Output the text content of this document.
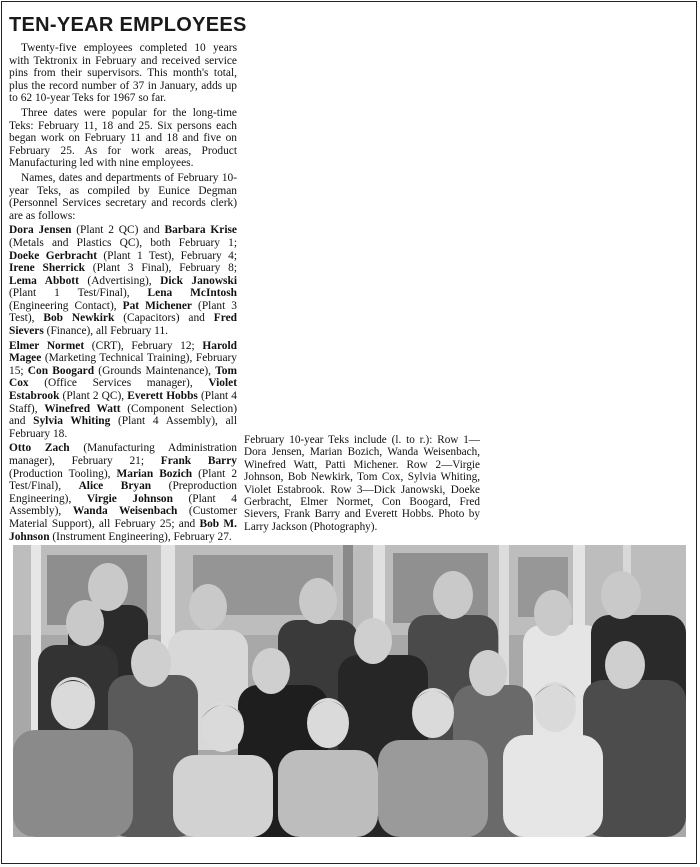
TEN-YEAR EMPLOYEES

Twenty-five employees completed 10 years with Tektronix in February and received service pins from their supervisors. This month's total, plus the record number of 37 in January, adds up to 62 10-year Teks for 1967 so far.

Three dates were popular for the long-time Teks: February 11, 18 and 25. Six persons each began work on February 11 and 18 and five on February 25. As for work areas, Product Manufacturing led with nine employees.

Names, dates and departments of February 10-year Teks, as compiled by Eunice Degman (Personnel Services secretary and records clerk) are as follows:

Dora Jensen (Plant 2 QC) and Barbara Krise (Metals and Plastics QC), both February 1; Doeke Gerbracht (Plant 1 Test), February 4; Irene Sherrick (Plant 3 Final), February 8; Lema Abbott (Advertising), Dick Janowski (Plant 1 Test/Final), Lena McIntosh (Engineering Contact), Pat Michener (Plant 3 Test), Bob Newkirk (Capacitors) and Fred Sievers (Finance), all February 11.

Elmer Normet (CRT), February 12; Harold Magee (Marketing Technical Training), February 15; Con Boogard (Grounds Maintenance), Tom Cox (Office Services manager), Violet Estabrook (Plant 2 QC), Everett Hobbs (Plant 4 Staff), Winefred Watt (Component Selection) and Sylvia Whiting (Plant 4 Assembly), all February 18.

Otto Zach (Manufacturing Administration manager), February 21; Frank Barry (Production Tooling), Marian Bozich (Plant 2 Test/Final), Alice Bryan (Preproduction Engineering), Virgie Johnson (Plant 4 Assembly), Wanda Weisenbach (Customer Material Support), all February 25; and Bob M. Johnson (Instrument Engineering), February 27.

February 10-year Teks include (l. to r.): Row 1—Dora Jensen, Marian Bozich, Wanda Weisenbach, Winefred Watt, Patti Michener. Row 2—Virgie Johnson, Bob Newkirk, Tom Cox, Sylvia Whiting, Violet Estabrook. Row 3—Dick Janowski, Doeke Gerbracht, Elmer Normet, Con Boogard, Fred Sievers, Frank Barry and Everett Hobbs. Photo by Larry Jackson (Photography).
